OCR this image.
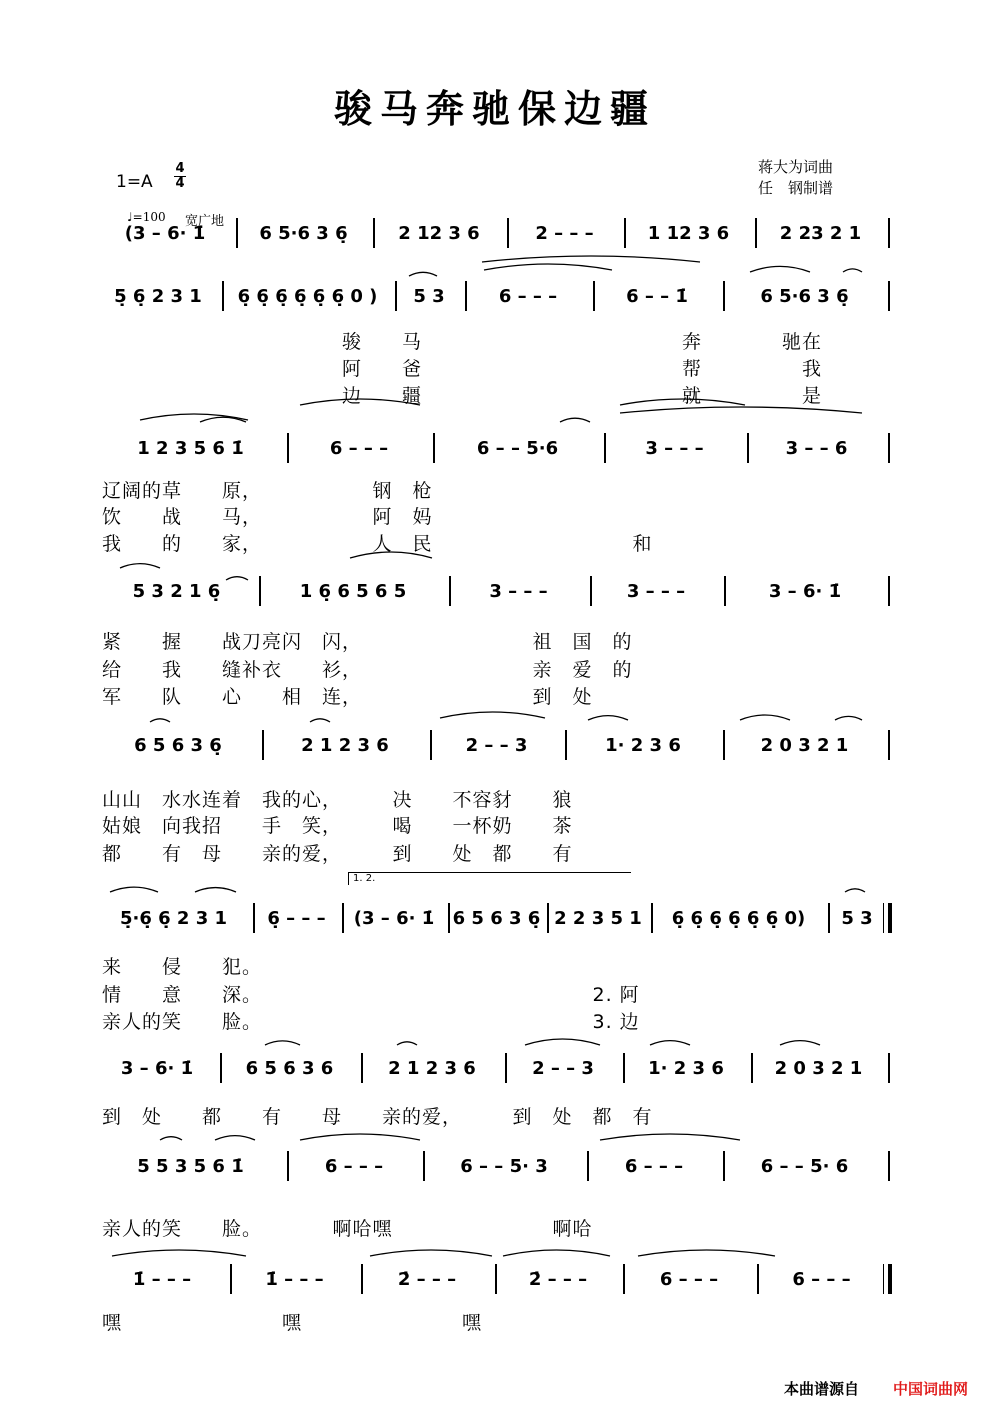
骏马奔驰保边疆
蒋大为词曲
任　钢制谱
1=A
4
4
♩=100 宽广地
1. 2.
(3 – 6· 1̇	6 5·6 3 6̣	2 12 3 6	2 – – –	1 12 3 6	2 23 2 1
5̣ 6̣ 2 3 1	6̣ 6̣ 6̣ 6̣ 6̣ 6̣ 0 )	5 3	6 – – –	6 – – 1̇	6 5·6 3 6̣
1 2 3 5 6 1̇	6 – – –	6 – – 5·6	3 – – –	3 – – 6
5 3 2 1 6̣	1 6̣ 6 5 6 5	3 – – –	3 – – –	3 – 6· 1̇
6 5 6 3 6̣	2 1 2 3 6	2 – – 3	1· 2 3 6	2 0 3 2 1
5̣·6̣ 6̣ 2 3 1	6̣ – – –	(3 – 6· 1̇	6 5 6 3 6̣ 2 2 3 5 1	6̣ 6̣ 6̣ 6̣ 6̣ 6̣ 0)	5 3
3 – 6· 1̇	6 5 6 3 6	2 1 2 3 6	2 – – 3	1· 2 3 6	2 0 3 2 1
5 5 3 5 6 1̇	6 – – –	6 – – 5· 3	6 – – –	6 – – 5· 6
1̇ – – –	1̇ – – –	2̇ – – –	2̇ – – –	6 – – –	6 – – –
　　　　　　　　　　　　骏　　马　　　　　　　　　　　　　奔　　　　驰在
　　　　　　　　　　　　阿　　爸　　　　　　　　　　　　　帮　　　　　我
　　　　　　　　　　　　边　　疆　　　　　　　　　　　　　就　　　　　是
辽阔的草　　原，　　　　　　钢　枪
饮　　战　　马，　　　　　　阿　妈
我　　的　　家，　　　　　　人　民　　　　　　　　　　和
紧　　握　　战刀亮闪　闪，　　　　　　　　　祖　国　的
给　　我　　缝补衣　　衫，　　　　　　　　　亲　爱　的
军　　队　　心　　相　连，　　　　　　　　　到　处
山山　水水连着　我的心，　　　决　　不容豺　　狼
姑娘　向我招　　手　笑，　　　喝　　一杯奶　　茶
都　　有　母　　亲的爱，　　　到　　处　都　　有
来　　侵　　犯。
情　　意　　深。　　　　　　　　　　　　　　　　　2. 阿
亲人的笑　　脸。　　　　　　　　　　　　　　　　　3. 边
到　处　　都　　有　　母　　亲的爱，　　　到　处　都　有
亲人的笑　　脸。　　　　啊哈嘿　　　　　　　　啊哈
嘿　　　　　　　　嘿　　　　　　　　嘿
本曲谱源自 中国词曲网
